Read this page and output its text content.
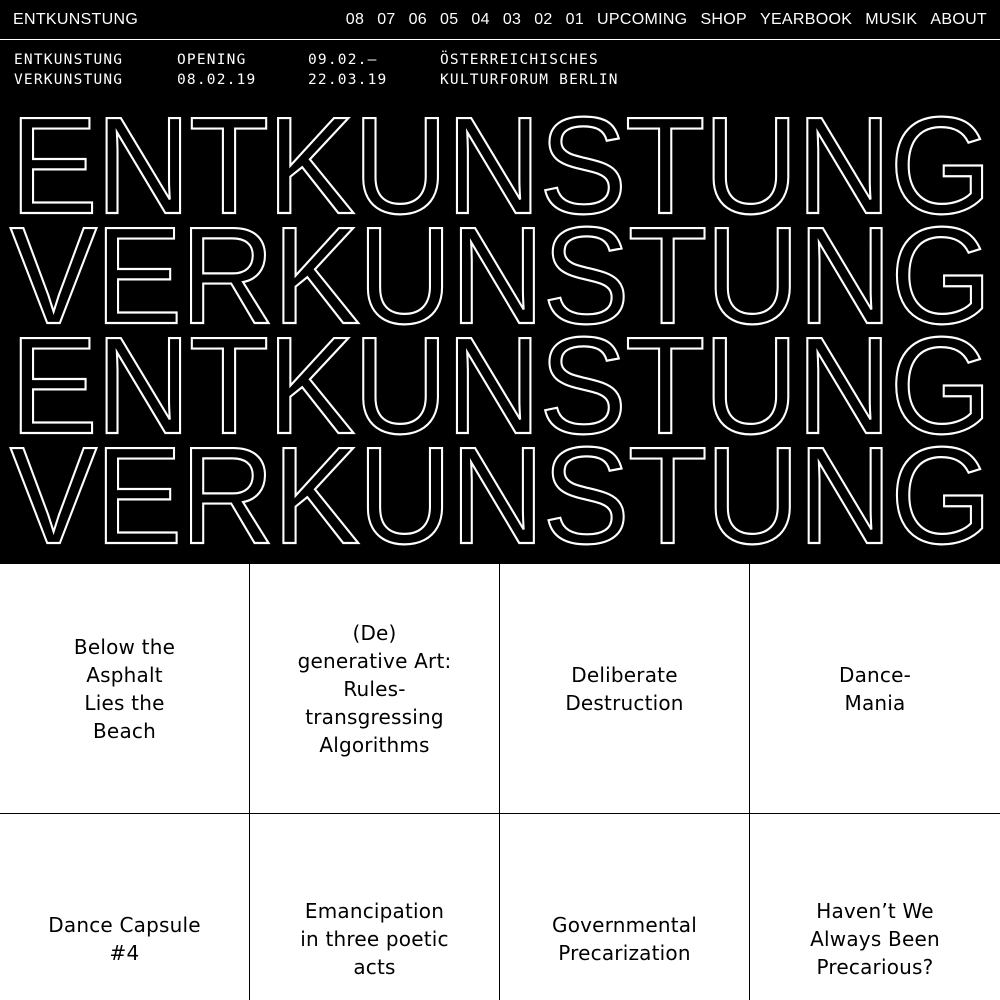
ENTKUNSTUNG	08 07 06 05 04 03 02 01 UPCOMING SHOP YEARBOOK MUSIK ABOUT
ENTKUNSTUNG
VERKUNSTUNG
OPENING
08.02.19
09.02.–
22.03.19
ÖSTERREICHISCHES
KULTURFORUM BERLIN
ENTKUNSTUNG
VERKUNSTUNG
ENTKUNSTUNG
VERKUNSTUNG
Below the Asphalt Lies the Beach
(De) generative Art: Rules-transgressing Algorithms
Deliberate Destruction
Dance-Mania
Dance Capsule #4
Emancipation in three poetic acts
Governmental Precarization
Haven’t We Always Been Precarious?
